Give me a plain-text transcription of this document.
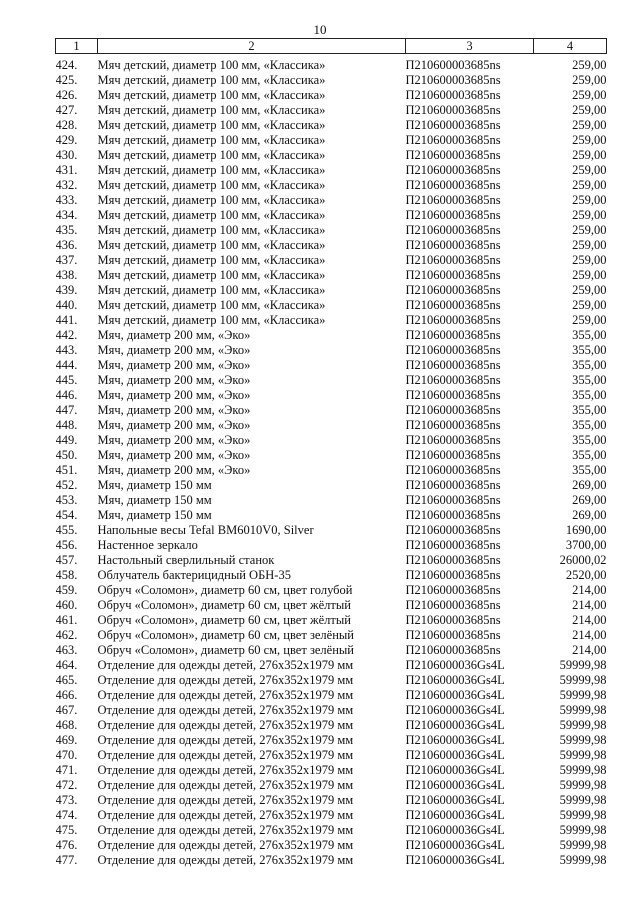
10
1	2	3	4
424.	Мяч детский, диаметр 100 мм, «Классика»	П210600003685ns	259,00
425.	Мяч детский, диаметр 100 мм, «Классика»	П210600003685ns	259,00
426.	Мяч детский, диаметр 100 мм, «Классика»	П210600003685ns	259,00
427.	Мяч детский, диаметр 100 мм, «Классика»	П210600003685ns	259,00
428.	Мяч детский, диаметр 100 мм, «Классика»	П210600003685ns	259,00
429.	Мяч детский, диаметр 100 мм, «Классика»	П210600003685ns	259,00
430.	Мяч детский, диаметр 100 мм, «Классика»	П210600003685ns	259,00
431.	Мяч детский, диаметр 100 мм, «Классика»	П210600003685ns	259,00
432.	Мяч детский, диаметр 100 мм, «Классика»	П210600003685ns	259,00
433.	Мяч детский, диаметр 100 мм, «Классика»	П210600003685ns	259,00
434.	Мяч детский, диаметр 100 мм, «Классика»	П210600003685ns	259,00
435.	Мяч детский, диаметр 100 мм, «Классика»	П210600003685ns	259,00
436.	Мяч детский, диаметр 100 мм, «Классика»	П210600003685ns	259,00
437.	Мяч детский, диаметр 100 мм, «Классика»	П210600003685ns	259,00
438.	Мяч детский, диаметр 100 мм, «Классика»	П210600003685ns	259,00
439.	Мяч детский, диаметр 100 мм, «Классика»	П210600003685ns	259,00
440.	Мяч детский, диаметр 100 мм, «Классика»	П210600003685ns	259,00
441.	Мяч детский, диаметр 100 мм, «Классика»	П210600003685ns	259,00
442.	Мяч, диаметр 200 мм, «Эко»	П210600003685ns	355,00
443.	Мяч, диаметр 200 мм, «Эко»	П210600003685ns	355,00
444.	Мяч, диаметр 200 мм, «Эко»	П210600003685ns	355,00
445.	Мяч, диаметр 200 мм, «Эко»	П210600003685ns	355,00
446.	Мяч, диаметр 200 мм, «Эко»	П210600003685ns	355,00
447.	Мяч, диаметр 200 мм, «Эко»	П210600003685ns	355,00
448.	Мяч, диаметр 200 мм, «Эко»	П210600003685ns	355,00
449.	Мяч, диаметр 200 мм, «Эко»	П210600003685ns	355,00
450.	Мяч, диаметр 200 мм, «Эко»	П210600003685ns	355,00
451.	Мяч, диаметр 200 мм, «Эко»	П210600003685ns	355,00
452.	Мяч, диаметр 150 мм	П210600003685ns	269,00
453.	Мяч, диаметр 150 мм	П210600003685ns	269,00
454.	Мяч, диаметр 150 мм	П210600003685ns	269,00
455.	Напольные весы Tefal BM6010V0, Silver	П210600003685ns	1690,00
456.	Настенное зеркало	П210600003685ns	3700,00
457.	Настольный сверлильный станок	П210600003685ns	26000,02
458.	Облучатель бактерицидный ОБН-35	П210600003685ns	2520,00
459.	Обруч «Соломон», диаметр 60 см, цвет голубой	П210600003685ns	214,00
460.	Обруч «Соломон», диаметр 60 см, цвет жёлтый	П210600003685ns	214,00
461.	Обруч «Соломон», диаметр 60 см, цвет жёлтый	П210600003685ns	214,00
462.	Обруч «Соломон», диаметр 60 см, цвет зелёный	П210600003685ns	214,00
463.	Обруч «Соломон», диаметр 60 см, цвет зелёный	П210600003685ns	214,00
464.	Отделение для одежды детей, 276x352x1979 мм	П2106000036Gs4L	59999,98
465.	Отделение для одежды детей, 276x352x1979 мм	П2106000036Gs4L	59999,98
466.	Отделение для одежды детей, 276x352x1979 мм	П2106000036Gs4L	59999,98
467.	Отделение для одежды детей, 276x352x1979 мм	П2106000036Gs4L	59999,98
468.	Отделение для одежды детей, 276x352x1979 мм	П2106000036Gs4L	59999,98
469.	Отделение для одежды детей, 276x352x1979 мм	П2106000036Gs4L	59999,98
470.	Отделение для одежды детей, 276x352x1979 мм	П2106000036Gs4L	59999,98
471.	Отделение для одежды детей, 276x352x1979 мм	П2106000036Gs4L	59999,98
472.	Отделение для одежды детей, 276x352x1979 мм	П2106000036Gs4L	59999,98
473.	Отделение для одежды детей, 276x352x1979 мм	П2106000036Gs4L	59999,98
474.	Отделение для одежды детей, 276x352x1979 мм	П2106000036Gs4L	59999,98
475.	Отделение для одежды детей, 276x352x1979 мм	П2106000036Gs4L	59999,98
476.	Отделение для одежды детей, 276x352x1979 мм	П2106000036Gs4L	59999,98
477.	Отделение для одежды детей, 276x352x1979 мм	П2106000036Gs4L	59999,98
